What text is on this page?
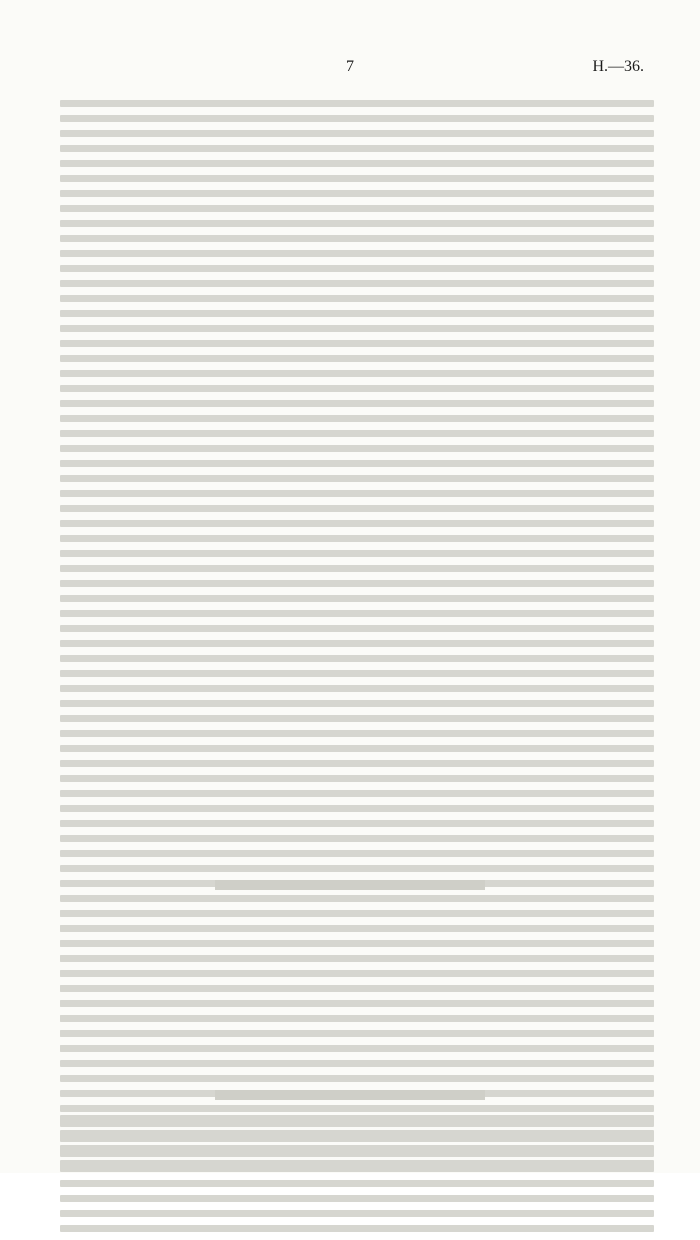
7	H.—36.
